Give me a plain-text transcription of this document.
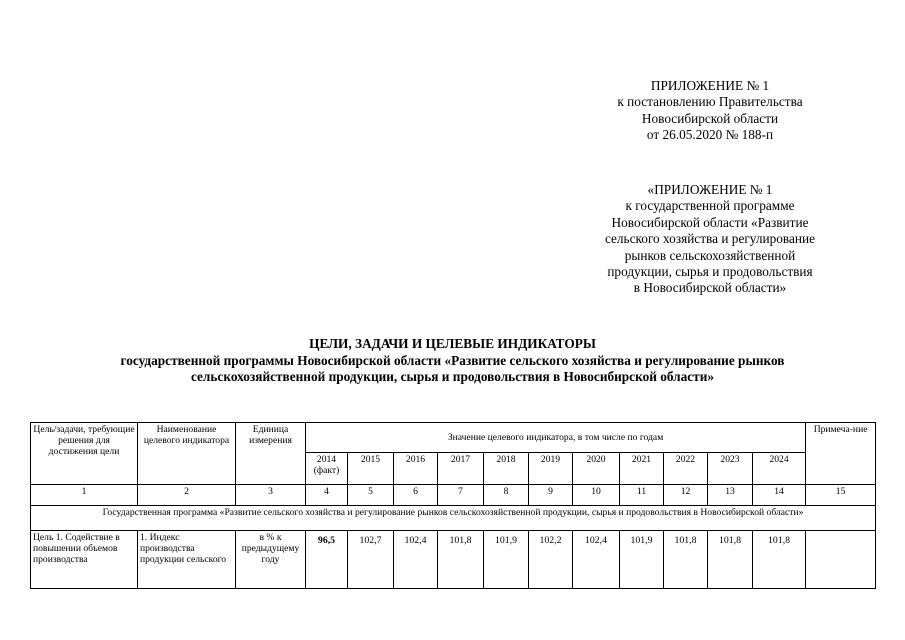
ПРИЛОЖЕНИЕ № 1
к постановлению Правительства
Новосибирской области
от 26.05.2020 № 188-п
«ПРИЛОЖЕНИЕ № 1
к государственной программе
Новосибирской области «Развитие
сельского хозяйства и регулирование
рынков сельскохозяйственной
продукции, сырья и продовольствия
в Новосибирской области»
ЦЕЛИ, ЗАДАЧИ И ЦЕЛЕВЫЕ ИНДИКАТОРЫ
государственной программы Новосибирской области «Развитие сельского хозяйства и регулирование рынков
сельскохозяйственной продукции, сырья и продовольствия в Новосибирской области»
Цель/задачи, требующие решения для достижения цели	Наименование целевого индикатора	Единица измерения	Значение целевого индикатора, в том числе по годам											Примеча-ние
			2014 (факт)	2015	2016	2017	2018	2019	2020	2021	2022	2023	2024	
1	2	3	4	5	6	7	8	9	10	11	12	13	14	15
Государственная программа «Развитие сельского хозяйства и регулирование рынков сельскохозяйственной продукции, сырья и продовольствия в Новосибирской области»														
Цель 1. Содействие в повышении объемов производства	1. Индекс производства продукции сельского	в % к предыдущему году	96,5	102,7	102,4	101,8	101,9	102,2	102,4	101,9	101,8	101,8	101,8	
